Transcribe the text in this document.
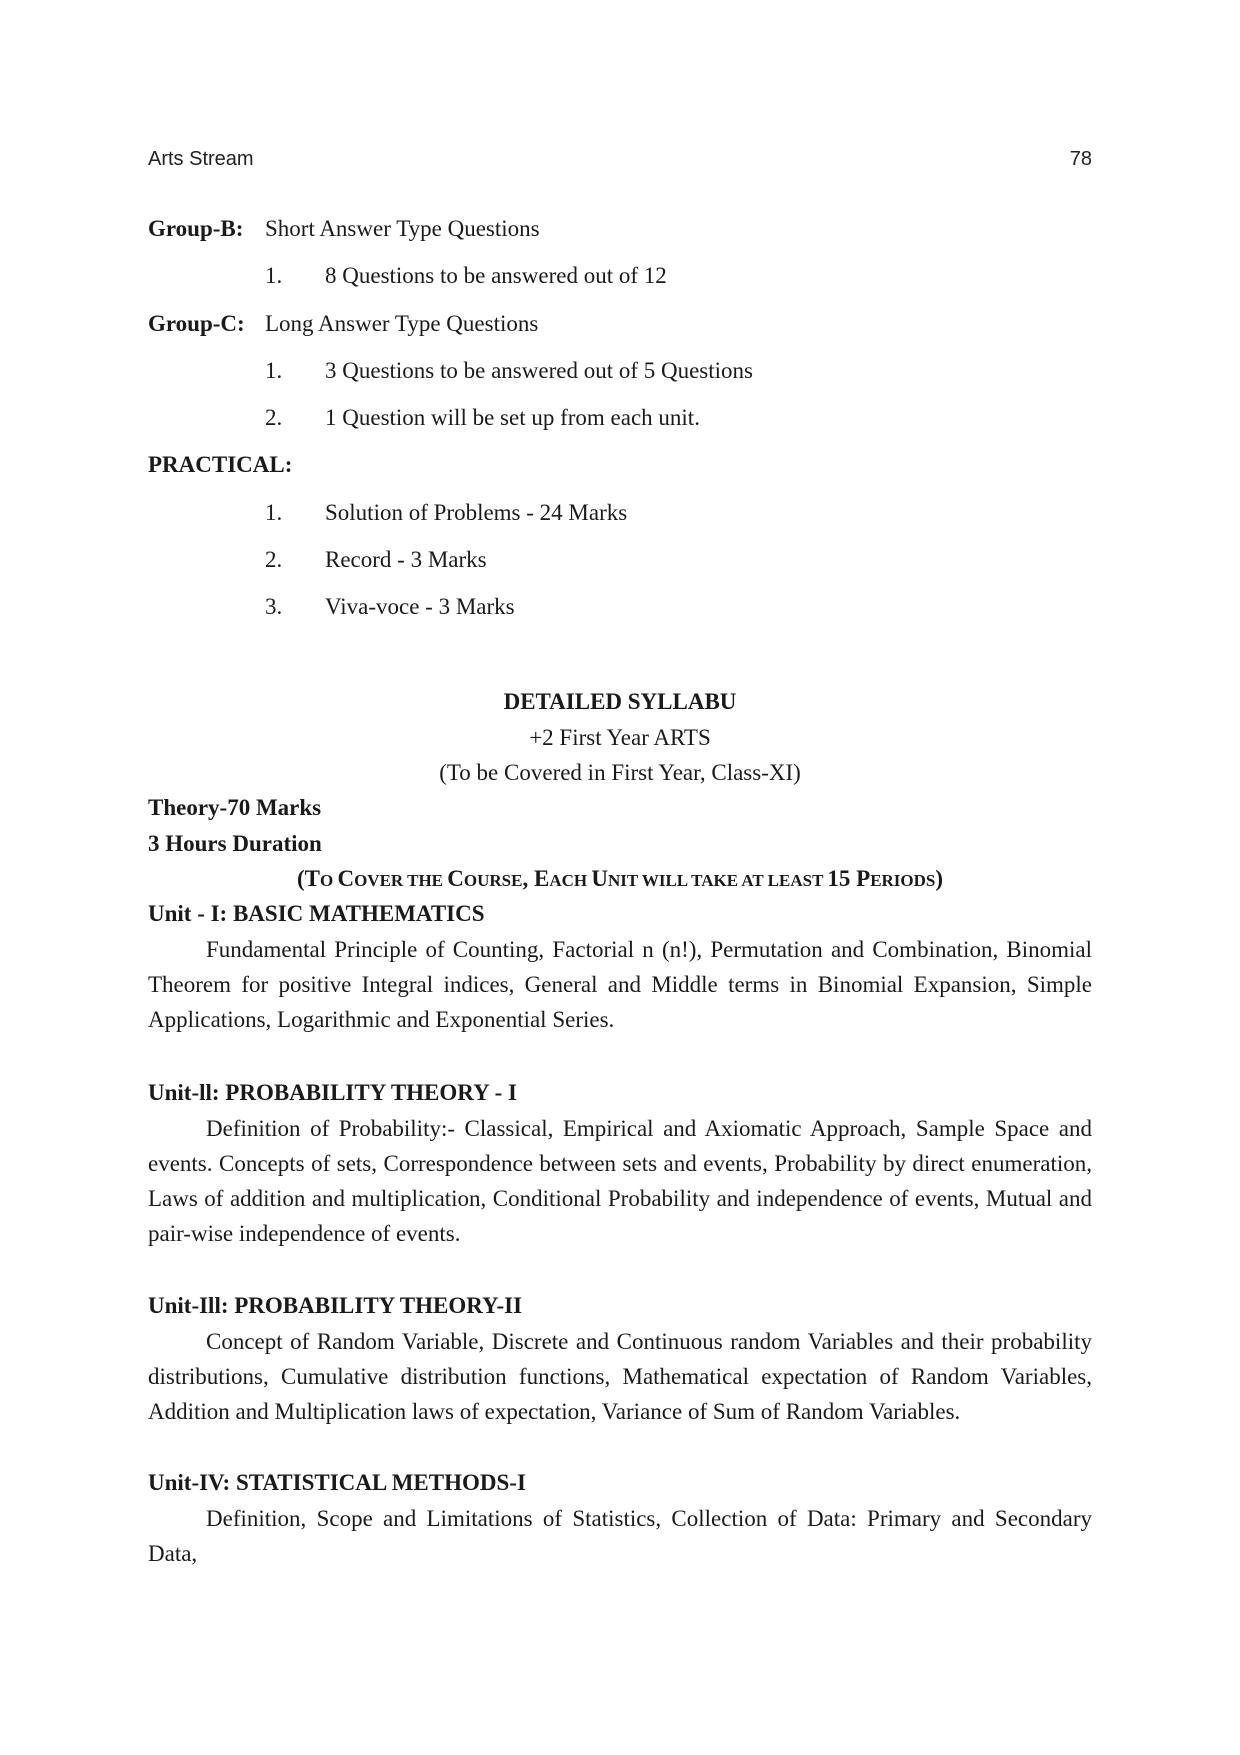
Arts Stream	78
Group-B: Short Answer Type Questions
1. 8 Questions to be answered out of 12
Group-C: Long Answer Type Questions
1. 3 Questions to be answered out of 5 Questions
2. 1 Question will be set up from each unit.
PRACTICAL:
1. Solution of Problems - 24 Marks
2. Record - 3 Marks
3. Viva-voce - 3 Marks
DETAILED SYLLABU
+2 First Year ARTS
(To be Covered in First Year, Class-XI)
Theory-70 Marks
3 Hours Duration
(TO COVER THE COURSE, EACH UNIT WILL TAKE AT LEAST 15 PERIODS)
Unit - I: BASIC MATHEMATICS
Fundamental Principle of Counting, Factorial n (n!), Permutation and Combination, Binomial Theorem for positive Integral indices, General and Middle terms in Binomial Expansion, Simple Applications, Logarithmic and Exponential Series.
Unit-ll: PROBABILITY THEORY - I
Definition of Probability:- Classical, Empirical and Axiomatic Approach, Sample Space and events. Concepts of sets, Correspondence between sets and events, Probability by direct enumeration, Laws of addition and multiplication, Conditional Probability and independence of events, Mutual and pair-wise independence of events.
Unit-Ill: PROBABILITY THEORY-II
Concept of Random Variable, Discrete and Continuous random Variables and their probability distributions, Cumulative distribution functions, Mathematical expectation of Random Variables, Addition and Multiplication laws of expectation, Variance of Sum of Random Variables.
Unit-IV: STATISTICAL METHODS-I
Definition, Scope and Limitations of Statistics, Collection of Data: Primary and Secondary Data,
